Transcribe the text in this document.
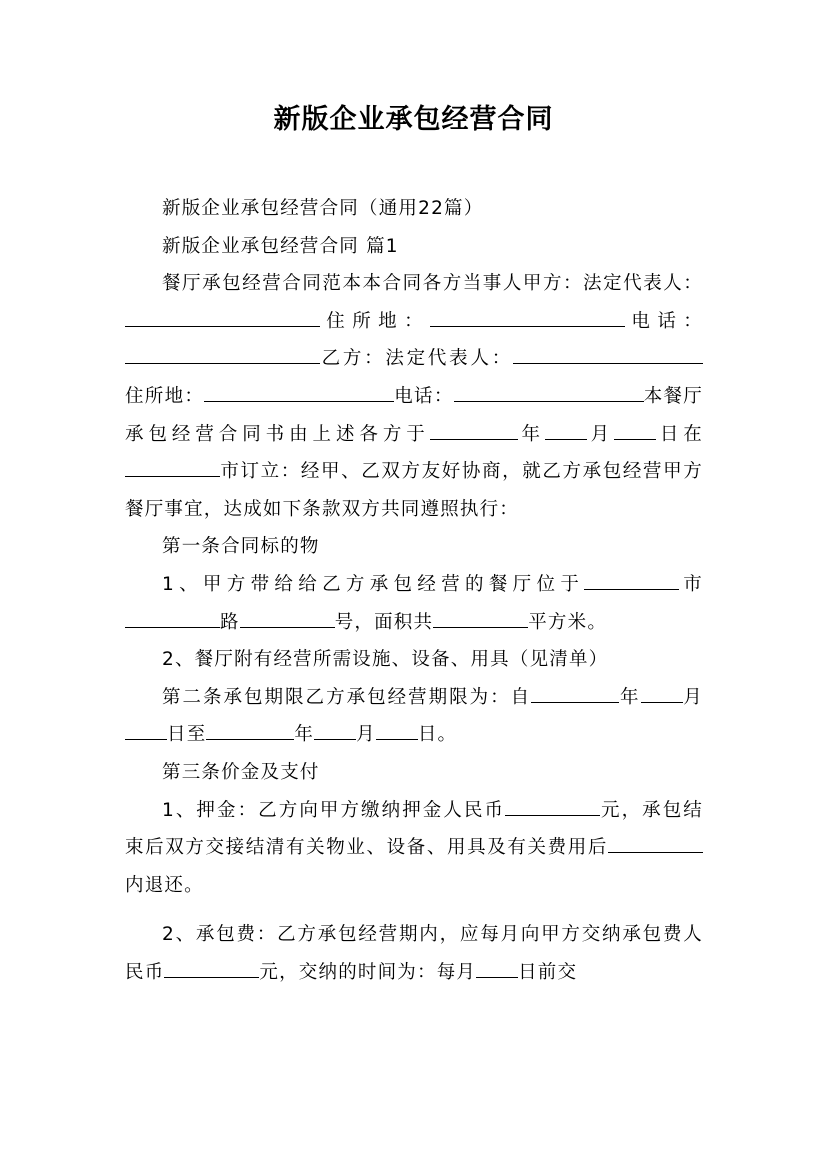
新版企业承包经营合同

新版企业承包经营合同（通用22篇）

新版企业承包经营合同 篇1

餐厅承包经营合同范本本合同各方当事人甲方：法定代表人：住所地：	电话：乙方：法定代表人：住所地：	电话：	本餐厅承包经营合同书由上述各方于	年 月 日在市订立：经甲、乙双方友好协商，就乙方承包经营甲方餐厅事宜，达成如下条款双方共同遵照执行：

第一条合同标的物

1、甲方带给给乙方承包经营的餐厅位于	市路	号，面积共	平方米。

2、餐厅附有经营所需设施、设备、用具（见清单）

第二条承包期限乙方承包经营期限为：自	年 月日至	年 月 日。

第三条价金及支付

1、押金：乙方向甲方缴纳押金人民币	元，承包结束后双方交接结清有关物业、设备、用具及有关费用后内退还。

2、承包费：乙方承包经营期内，应每月向甲方交纳承包费人民币	元，交纳的时间为：每月 日前交
